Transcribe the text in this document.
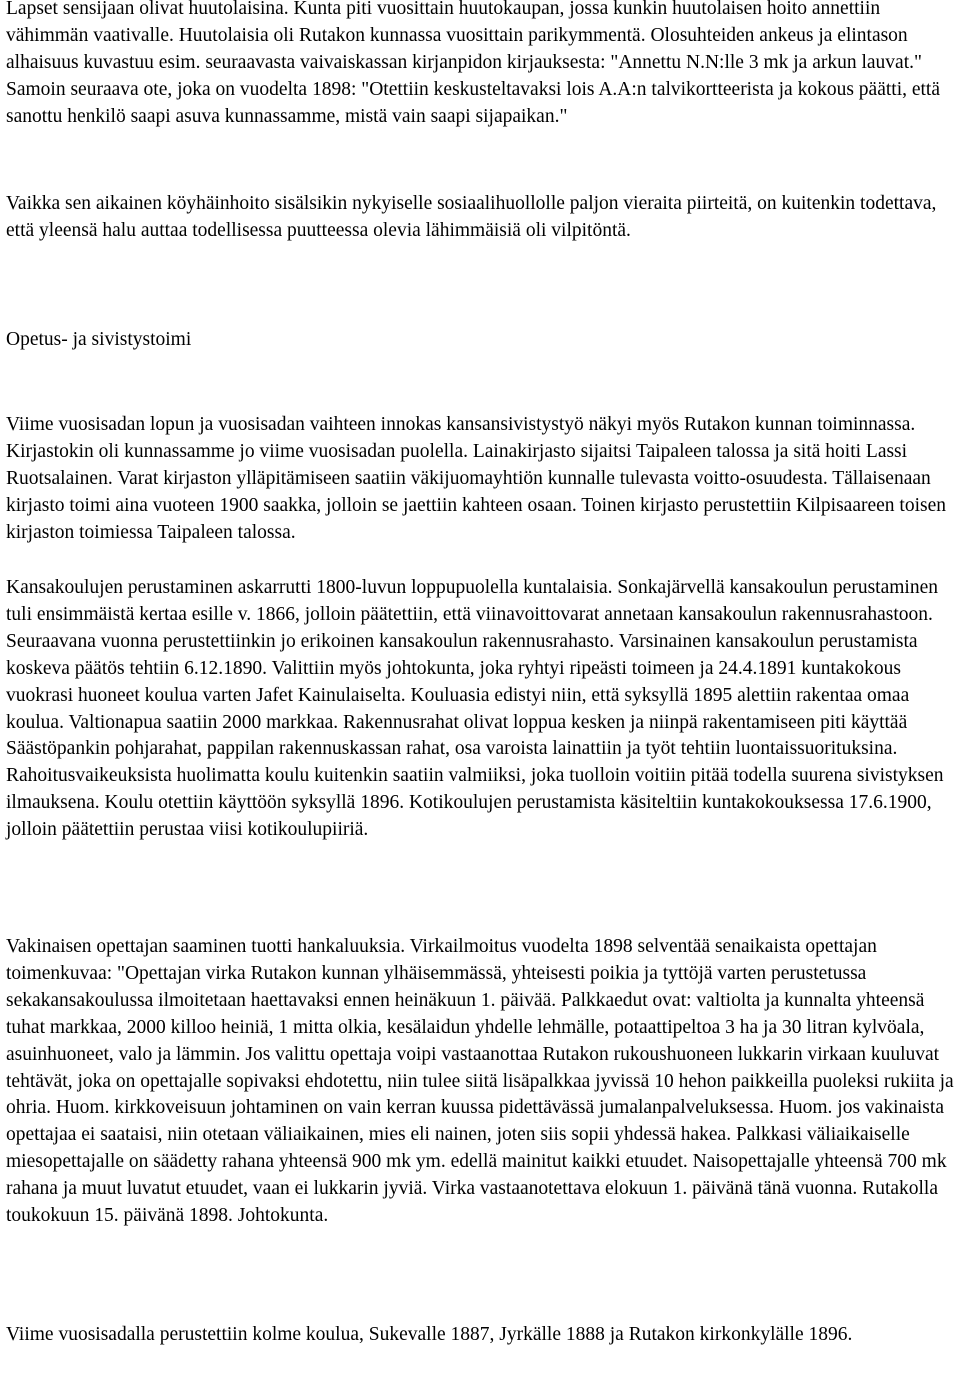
Lapset sensijaan olivat huutolaisina. Kunta piti vuosittain huutokaupan, jossa kunkin huutolaisen hoito annettiin vähimmän vaativalle. Huutolaisia oli Rutakon kunnassa vuosittain parikymmentä. Olosuhteiden ankeus ja elintason alhaisuus kuvastuu esim. seuraavasta vaivaiskassan kirjanpidon kirjauksesta: "Annettu N.N:lle 3 mk ja arkun lauvat." Samoin seuraava ote, joka on vuodelta 1898: "Otettiin keskusteltavaksi lois A.A:n talvikortteerista ja kokous päätti, että sanottu henkilö saapi asuva kunnassamme, mistä vain saapi sijapaikan."

Vaikka sen aikainen köyhäinhoito sisälsikin nykyiselle sosiaalihuollolle paljon vieraita piirteitä, on kuitenkin todettava, että yleensä halu auttaa todellisessa puutteessa olevia lähimmäisiä oli vilpitöntä.

Opetus- ja sivistystoimi

Viime vuosisadan lopun ja vuosisadan vaihteen innokas kansansivistystyö näkyi myös Rutakon kunnan toiminnassa. Kirjastokin oli kunnassamme jo viime vuosisadan puolella. Lainakirjasto sijaitsi Taipaleen talossa ja sitä hoiti Lassi Ruotsalainen. Varat kirjaston ylläpitämiseen saatiin väkijuomayhtiön kunnalle tulevasta voitto-osuudesta. Tällaisenaan kirjasto toimi aina vuoteen 1900 saakka, jolloin se jaettiin kahteen osaan. Toinen kirjasto perustettiin Kilpisaareen toisen kirjaston toimiessa Taipaleen talossa.

Kansakoulujen perustaminen askarrutti 1800-luvun loppupuolella kuntalaisia. Sonkajärvellä kansakoulun perustaminen tuli ensimmäistä kertaa esille v. 1866, jolloin päätettiin, että viinavoittovarat annetaan kansakoulun rakennusrahastoon. Seuraavana vuonna perustettiinkin jo erikoinen kansakoulun rakennusrahasto. Varsinainen kansakoulun perustamista koskeva päätös tehtiin 6.12.1890. Valittiin myös johtokunta, joka ryhtyi ripeästi toimeen ja 24.4.1891 kuntakokous vuokrasi huoneet koulua varten Jafet Kainulaiselta. Kouluasia edistyi niin, että syksyllä 1895 alettiin rakentaa omaa koulua. Valtionapua saatiin 2000 markkaa. Rakennusrahat olivat loppua kesken ja niinpä rakentamiseen piti käyttää Säästöpankin pohjarahat, pappilan rakennuskassan rahat, osa varoista lainattiin ja työt tehtiin luontaissuorituksina. Rahoitusvaikeuksista huolimatta koulu kuitenkin saatiin valmiiksi, joka tuolloin voitiin pitää todella suurena sivistyksen ilmauksena. Koulu otettiin käyttöön syksyllä 1896. Kotikoulujen perustamista käsiteltiin kuntakokouksessa 17.6.1900, jolloin päätettiin perustaa viisi kotikoulupiiriä.

Vakinaisen opettajan saaminen tuotti hankaluuksia. Virkailmoitus vuodelta 1898 selventää senaikaista opettajan toimenkuvaa: "Opettajan virka Rutakon kunnan ylhäisemmässä, yhteisesti poikia ja tyttöjä varten perustetussa sekakansakoulussa ilmoitetaan haettavaksi ennen heinäkuun 1. päivää. Palkkaedut ovat: valtiolta ja kunnalta yhteensä tuhat markkaa, 2000 killoo heiniä, 1 mitta olkia, kesälaidun yhdelle lehmälle, potaattipeltoa 3 ha ja 30 litran kylvöala, asuinhuoneet, valo ja lämmin. Jos valittu opettaja voipi vastaanottaa Rutakon rukoushuoneen lukkarin virkaan kuuluvat tehtävät, joka on opettajalle sopivaksi ehdotettu, niin tulee siitä lisäpalkkaa jyvissä 10 hehon paikkeilla puoleksi rukiita ja ohria. Huom. kirkkoveisuun johtaminen on vain kerran kuussa pidettävässä jumalanpalveluksessa. Huom. jos vakinaista opettajaa ei saataisi, niin otetaan väliaikainen, mies eli nainen, joten siis sopii yhdessä hakea. Palkkasi väliaikaiselle miesopettajalle on säädetty rahana yhteensä 900 mk ym. edellä mainitut kaikki etuudet. Naisopettajalle yhteensä 700 mk rahana ja muut luvatut etuudet, vaan ei lukkarin jyviä. Virka vastaanotettava elokuun 1. päivänä tänä vuonna. Rutakolla toukokuun 15. päivänä 1898. Johtokunta.

Viime vuosisadalla perustettiin kolme koulua, Sukevalle 1887, Jyrkälle 1888 ja Rutakon kirkonkylälle 1896.
